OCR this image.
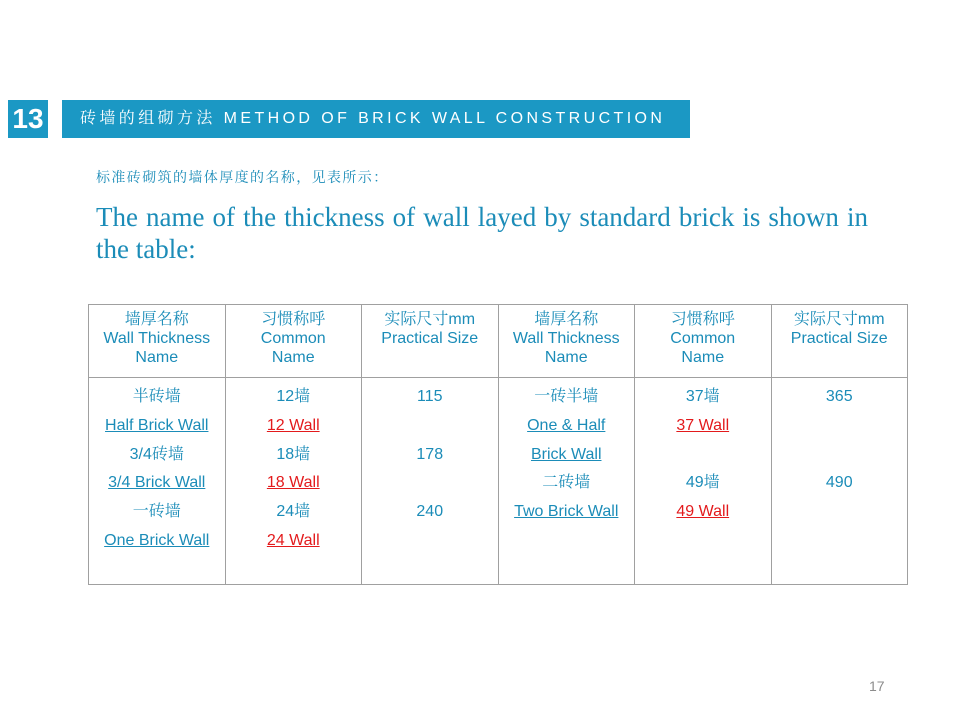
13	砖墙的组砌方法 METHOD OF BRICK WALL CONSTRUCTION
标准砖砌筑的墙体厚度的名称，见表所示：
The name of the thickness of wall layed by standard brick is shown in the table:
墙厚名称
Wall Thickness
Name
习惯称呼
Common
Name
实际尺寸mm
Practical Size
墙厚名称
Wall Thickness
Name
习惯称呼
Common
Name
实际尺寸mm
Practical Size
半砖墙
Half Brick Wall
3/4砖墙
3/4 Brick Wall
一砖墙
One Brick Wall
12墙
12 Wall
18墙
18 Wall
24墙
24 Wall
115
178
240
一砖半墙
One & Half
Brick Wall
二砖墙
Two Brick Wall
37墙
37 Wall
49墙
49 Wall
365
490
17
